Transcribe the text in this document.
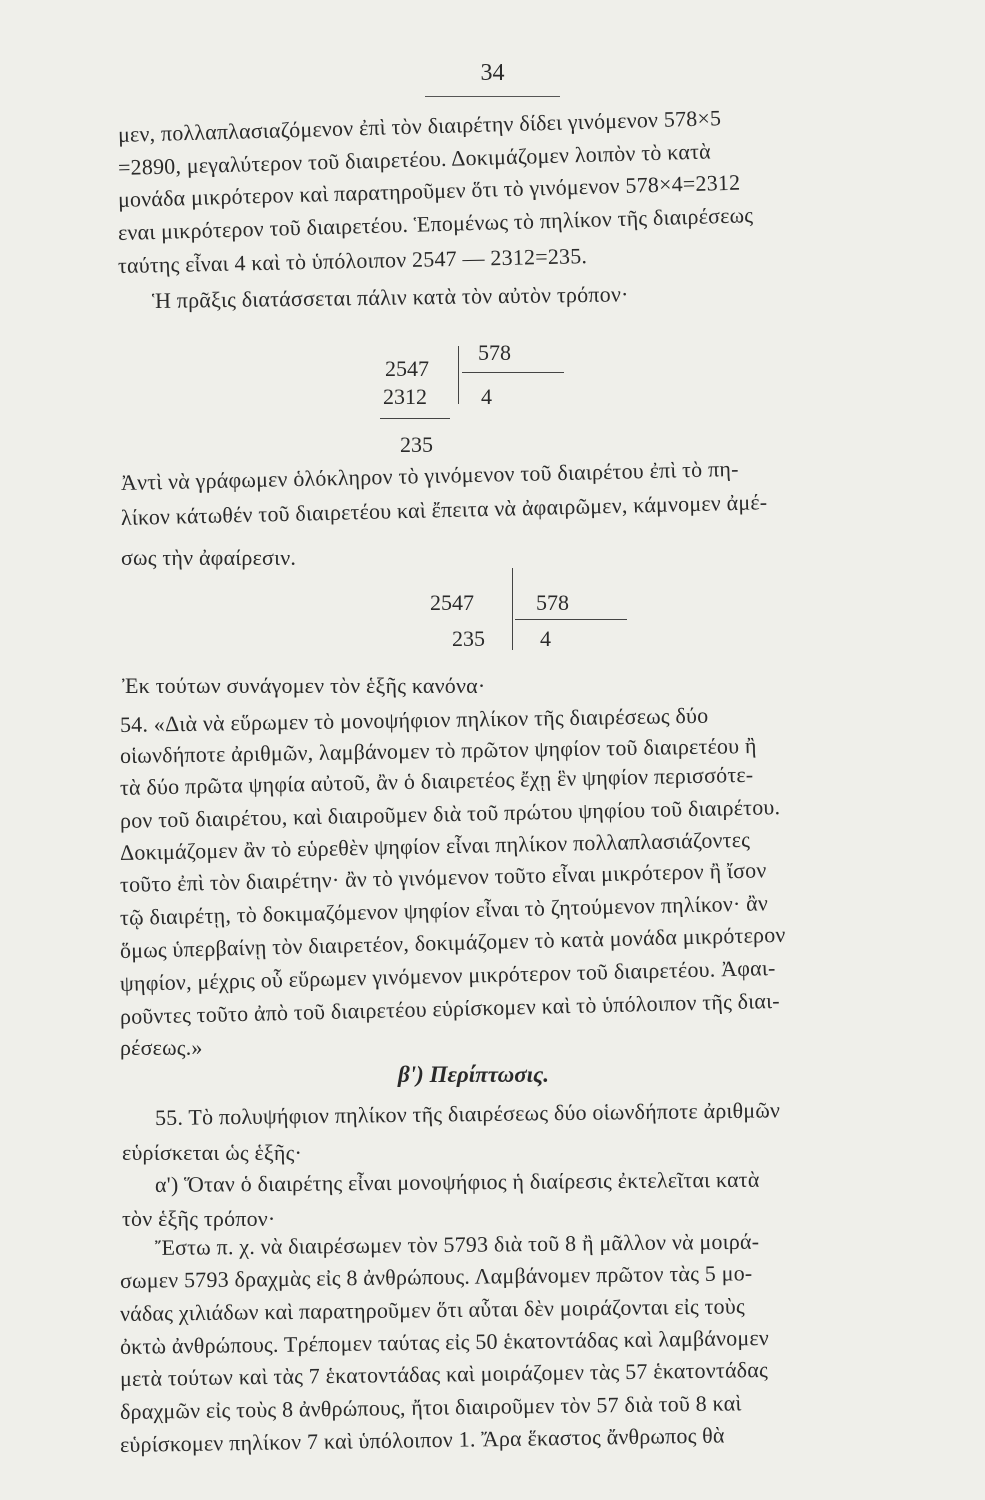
34
μεν, πολλαπλασιαζόμενον ἐπὶ τὸν διαιρέτην δίδει γινόμενον 578×5
=2890, μεγαλύτερον τοῦ διαιρετέου. Δοκιμάζομεν λοιπὸν τὸ κατὰ
μονάδα μικρότερον καὶ παρατηροῦμεν ὅτι τὸ γινόμενον 578×4=2312
εναι μικρότερον τοῦ διαιρετέου. Ἑπομένως τὸ πηλίκον τῆς διαιρέσεως
ταύτης εἶναι 4 καὶ τὸ ὑπόλοιπον 2547 — 2312=235.
Ἡ πρᾶξις διατάσσεται πάλιν κατὰ τὸν αὐτὸν τρόπον·
2547
578
2312 4
235
Ἀντὶ νὰ γράφωμεν ὁλόκληρον τὸ γινόμενον τοῦ διαιρέτου ἐπὶ τὸ πη-
λίκον κάτωθέν τοῦ διαιρετέου καὶ ἔπειτα νὰ ἀφαιρῶμεν, κάμνομεν ἀμέ-
σως τὴν ἀφαίρεσιν.
2547	578
235	4
Ἐκ τούτων συνάγομεν τὸν ἑξῆς κανόνα·
54. «Διὰ νὰ εὕρωμεν τὸ μονοψήφιον πηλίκον τῆς διαιρέσεως δύο
οἱωνδήποτε ἀριθμῶν, λαμβάνομεν τὸ πρῶτον ψηφίον τοῦ διαιρετέου ἢ
τὰ δύο πρῶτα ψηφία αὐτοῦ, ἂν ὁ διαιρετέος ἔχῃ ἓν ψηφίον περισσότε-
ρον τοῦ διαιρέτου, καὶ διαιροῦμεν διὰ τοῦ πρώτου ψηφίου τοῦ διαιρέτου.
Δοκιμάζομεν ἂν τὸ εὑρεθὲν ψηφίον εἶναι πηλίκον πολλαπλασιάζοντες
τοῦτο ἐπὶ τὸν διαιρέτην· ἂν τὸ γινόμενον τοῦτο εἶναι μικρότερον ἢ ἴσον
τῷ διαιρέτῃ, τὸ δοκιμαζόμενον ψηφίον εἶναι τὸ ζητούμενον πηλίκον· ἂν
ὅμως ὑπερβαίνῃ τὸν διαιρετέον, δοκιμάζομεν τὸ κατὰ μονάδα μικρότερον
ψηφίον, μέχρις οὗ εὕρωμεν γινόμενον μικρότερον τοῦ διαιρετέου. Ἀφαι-
ροῦντες τοῦτο ἀπὸ τοῦ διαιρετέου εὑρίσκομεν καὶ τὸ ὑπόλοιπον τῆς διαι-
ρέσεως.»
β') Περίπτωσις.
55. Τὸ πολυψήφιον πηλίκον τῆς διαιρέσεως δύο οἱωνδήποτε ἀριθμῶν
εὑρίσκεται ὡς ἑξῆς·
α') Ὅταν ὁ διαιρέτης εἶναι μονοψήφιος ἡ διαίρεσις ἐκτελεῖται κατὰ
τὸν ἑξῆς τρόπον·
Ἔστω π. χ. νὰ διαιρέσωμεν τὸν 5793 διὰ τοῦ 8 ἢ μᾶλλον νὰ μοιρά-
σωμεν 5793 δραχμὰς εἰς 8 ἀνθρώπους. Λαμβάνομεν πρῶτον τὰς 5 μο-
νάδας χιλιάδων καὶ παρατηροῦμεν ὅτι αὗται δὲν μοιράζονται εἰς τοὺς
ὀκτὼ ἀνθρώπους. Τρέπομεν ταύτας εἰς 50 ἑκατοντάδας καὶ λαμβάνομεν
μετὰ τούτων καὶ τὰς 7 ἑκατοντάδας καὶ μοιράζομεν τὰς 57 ἑκατοντάδας
δραχμῶν εἰς τοὺς 8 ἀνθρώπους, ἤτοι διαιροῦμεν τὸν 57 διὰ τοῦ 8 καὶ
εὑρίσκομεν πηλίκον 7 καὶ ὑπόλοιπον 1. Ἄρα ἕκαστος ἄνθρωπος θὰ
